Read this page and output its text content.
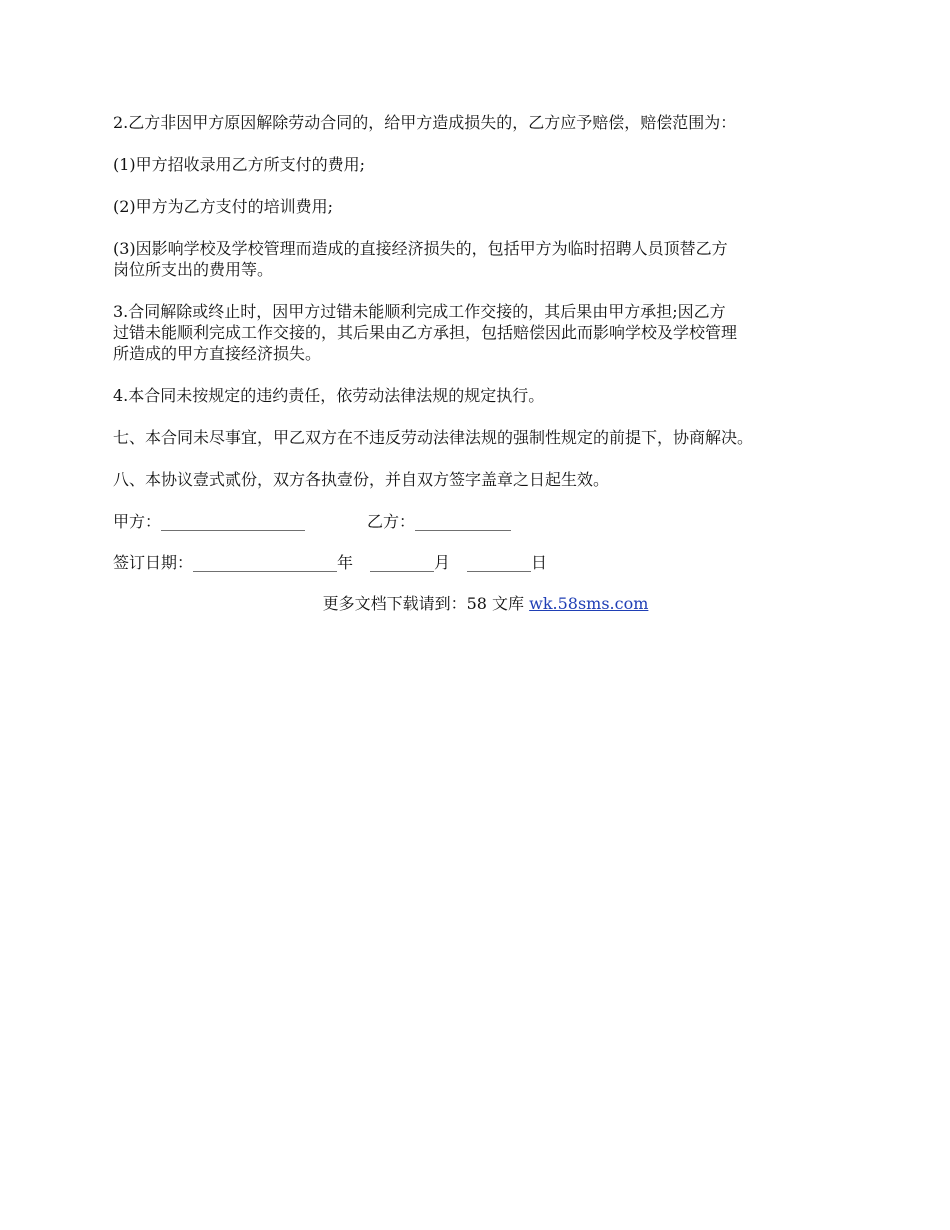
2.乙方非因甲方原因解除劳动合同的，给甲方造成损失的，乙方应予赔偿，赔偿范围为：

(1)甲方招收录用乙方所支付的费用;

(2)甲方为乙方支付的培训费用;

(3)因影响学校及学校管理而造成的直接经济损失的，包括甲方为临时招聘人员顶替乙方
岗位所支出的费用等。

3.合同解除或终止时，因甲方过错未能顺利完成工作交接的，其后果由甲方承担;因乙方
过错未能顺利完成工作交接的，其后果由乙方承担，包括赔偿因此而影响学校及学校管理
所造成的甲方直接经济损失。

4.本合同未按规定的违约责任，依劳动法律法规的规定执行。

七、本合同未尽事宜，甲乙双方在不违反劳动法律法规的强制性规定的前提下，协商解决。

八、本协议壹式贰份，双方各执壹份，并自双方签字盖章之日起生效。

甲方：__________________	乙方：____________
签订日期：__________________年 ________月 ________日
更多文档下载请到：58 文库 wk.58sms.com
